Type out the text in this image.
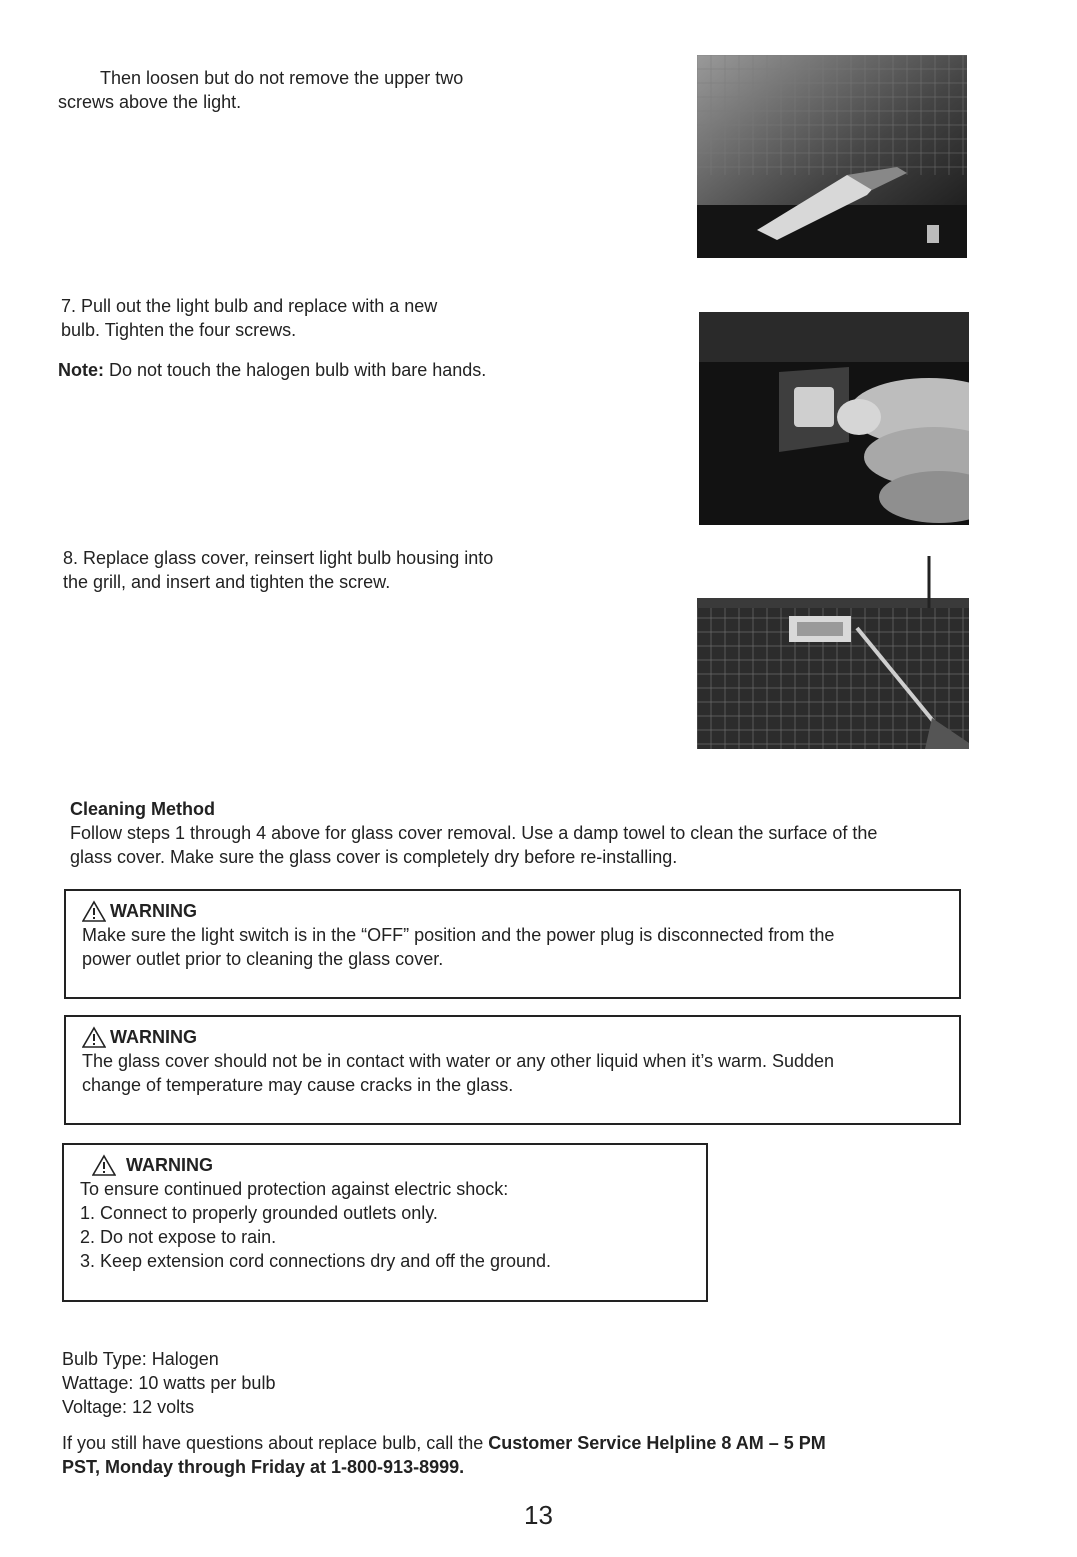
Then loosen but do not remove the upper two
screws above the light.
7. Pull out the light bulb and replace with a new
bulb. Tighten the four screws.
Note: Do not touch the halogen bulb with bare hands.
8. Replace glass cover, reinsert light bulb housing into
the grill, and insert and tighten the screw.
Cleaning Method
Follow steps 1 through 4 above for glass cover removal. Use a damp towel to clean the surface of the
glass cover. Make sure the glass cover is completely dry before re-installing.
WARNING
Make sure the light switch is in the “OFF” position and the power plug is disconnected from the
power outlet prior to cleaning the glass cover.
WARNING
The glass cover should not be in contact with water or any other liquid when it’s warm. Sudden
change of temperature may cause cracks in the glass.
WARNING
To ensure continued protection against electric shock:
1. Connect to properly grounded outlets only.
2. Do not expose to rain.
3. Keep extension cord connections dry and off the ground.
Bulb Type: Halogen
Wattage: 10 watts per bulb
Voltage: 12 volts
If you still have questions about replace bulb, call the Customer Service Helpline 8 AM – 5 PM
PST, Monday through Friday at 1-800-913-8999.
13
